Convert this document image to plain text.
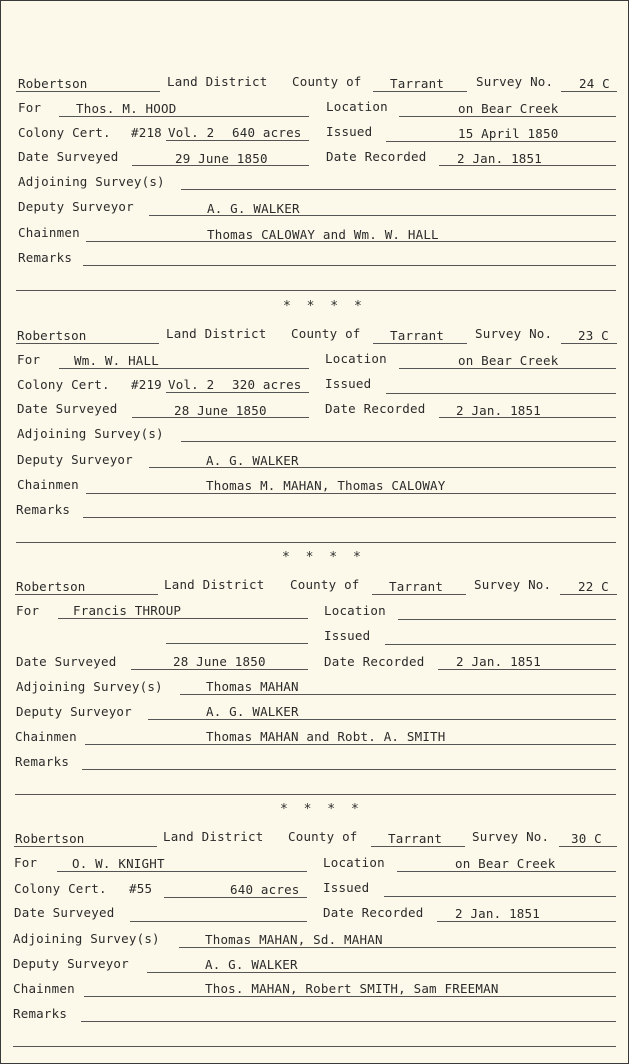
Robertson	Land District County of Tarrant	Survey No. 24 C
For	Thos. M. HOOD	Location	on Bear Creek
Colony Cert. #218 Vol. 2 640 acres Issued	15 April 1850
Date Surveyed	29 June 1850	Date Recorded 2 Jan. 1851
Adjoining Survey(s)
Deputy Surveyor	A. G. WALKER
Chainmen	Thomas CALOWAY and Wm. W. HALL
Remarks
* * * *
Robertson	Land District County of Tarrant Survey No. 23 C
For	Wm. W. HALL	Location	on Bear Creek
Colony Cert. #219 Vol. 2 320 acres Issued
Date Surveyed	28 June 1850	Date Recorded 2 Jan. 1851
Adjoining Survey(s)
Deputy Surveyor	A. G. WALKER
Chainmen	Thomas M. MAHAN, Thomas CALOWAY
Remarks
* * * *
Robertson	Land District County of Tarrant Survey No. 22 C
For	Francis THROUP	Location
Issued
Date Surveyed	28 June 1850	Date Recorded	2 Jan. 1851
Adjoining Survey(s)	Thomas MAHAN
Deputy Surveyor	A. G. WALKER
Chainmen	Thomas MAHAN and Robt. A. SMITH
Remarks
* * * *
Robertson	Land District County of Tarrant Survey No. 30 C
For	O. W. KNIGHT	Location	on Bear Creek
Colony Cert. #55	640 acres Issued
Date Surveyed	Date Recorded	2 Jan. 1851
Adjoining Survey(s)	Thomas MAHAN, Sd. MAHAN
Deputy Surveyor	A. G. WALKER
Chainmen	Thos. MAHAN, Robert SMITH, Sam FREEMAN
Remarks
